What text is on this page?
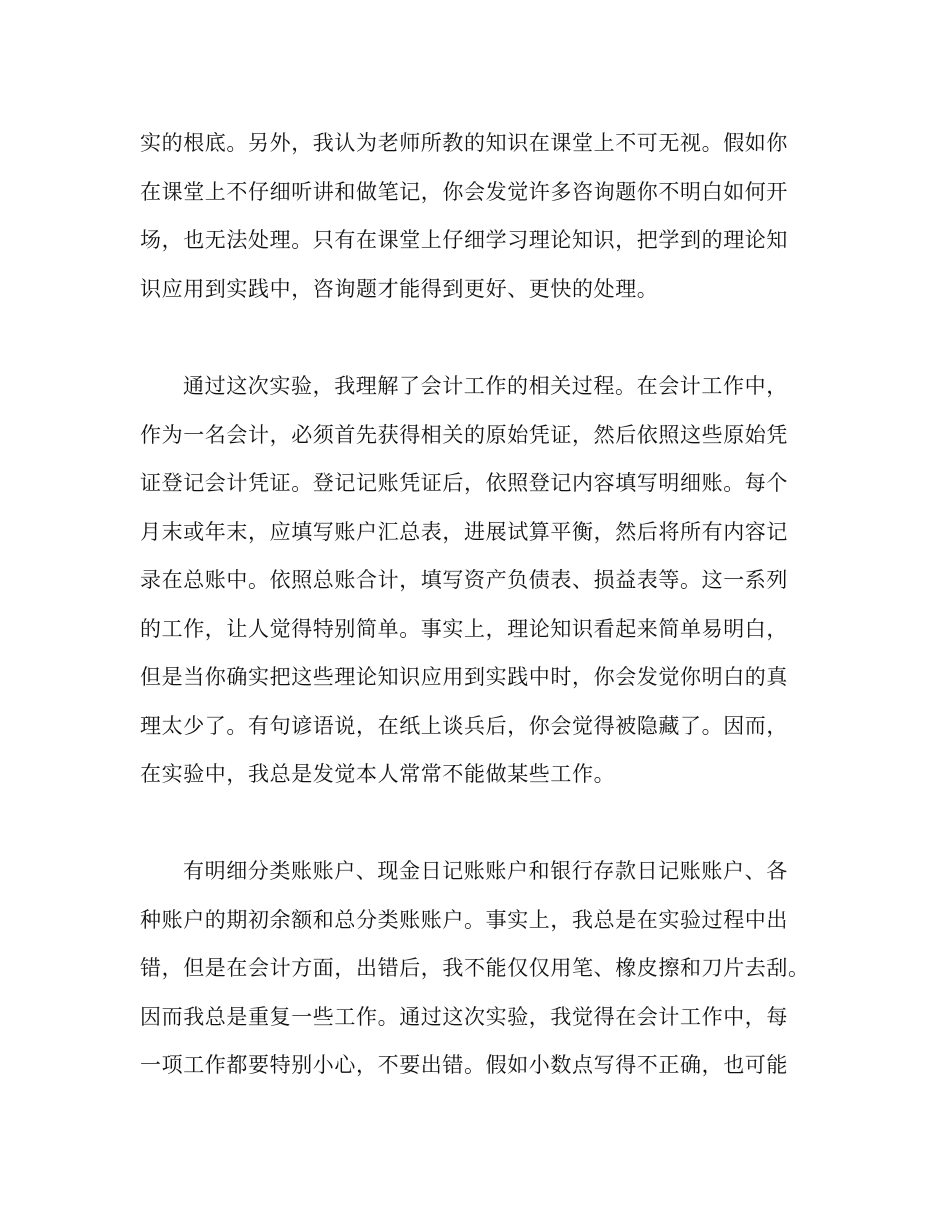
实的根底。另外，我认为老师所教的知识在课堂上不可无视。假如你
在课堂上不仔细听讲和做笔记，你会发觉许多咨询题你不明白如何开
场，也无法处理。只有在课堂上仔细学习理论知识，把学到的理论知
识应用到实践中，咨询题才能得到更好、更快的处理。
通过这次实验，我理解了会计工作的相关过程。在会计工作中，
作为一名会计，必须首先获得相关的原始凭证，然后依照这些原始凭
证登记会计凭证。登记记账凭证后，依照登记内容填写明细账。每个
月末或年末，应填写账户汇总表，进展试算平衡，然后将所有内容记
录在总账中。依照总账合计，填写资产负债表、损益表等。这一系列
的工作，让人觉得特别简单。事实上，理论知识看起来简单易明白，
但是当你确实把这些理论知识应用到实践中时，你会发觉你明白的真
理太少了。有句谚语说，在纸上谈兵后，你会觉得被隐藏了。因而，
在实验中，我总是发觉本人常常不能做某些工作。
有明细分类账账户、现金日记账账户和银行存款日记账账户、各
种账户的期初余额和总分类账账户。事实上，我总是在实验过程中出
错，但是在会计方面，出错后，我不能仅仅用笔、橡皮擦和刀片去刮。
因而我总是重复一些工作。通过这次实验，我觉得在会计工作中，每
一项工作都要特别小心，不要出错。假如小数点写得不正确，也可能
